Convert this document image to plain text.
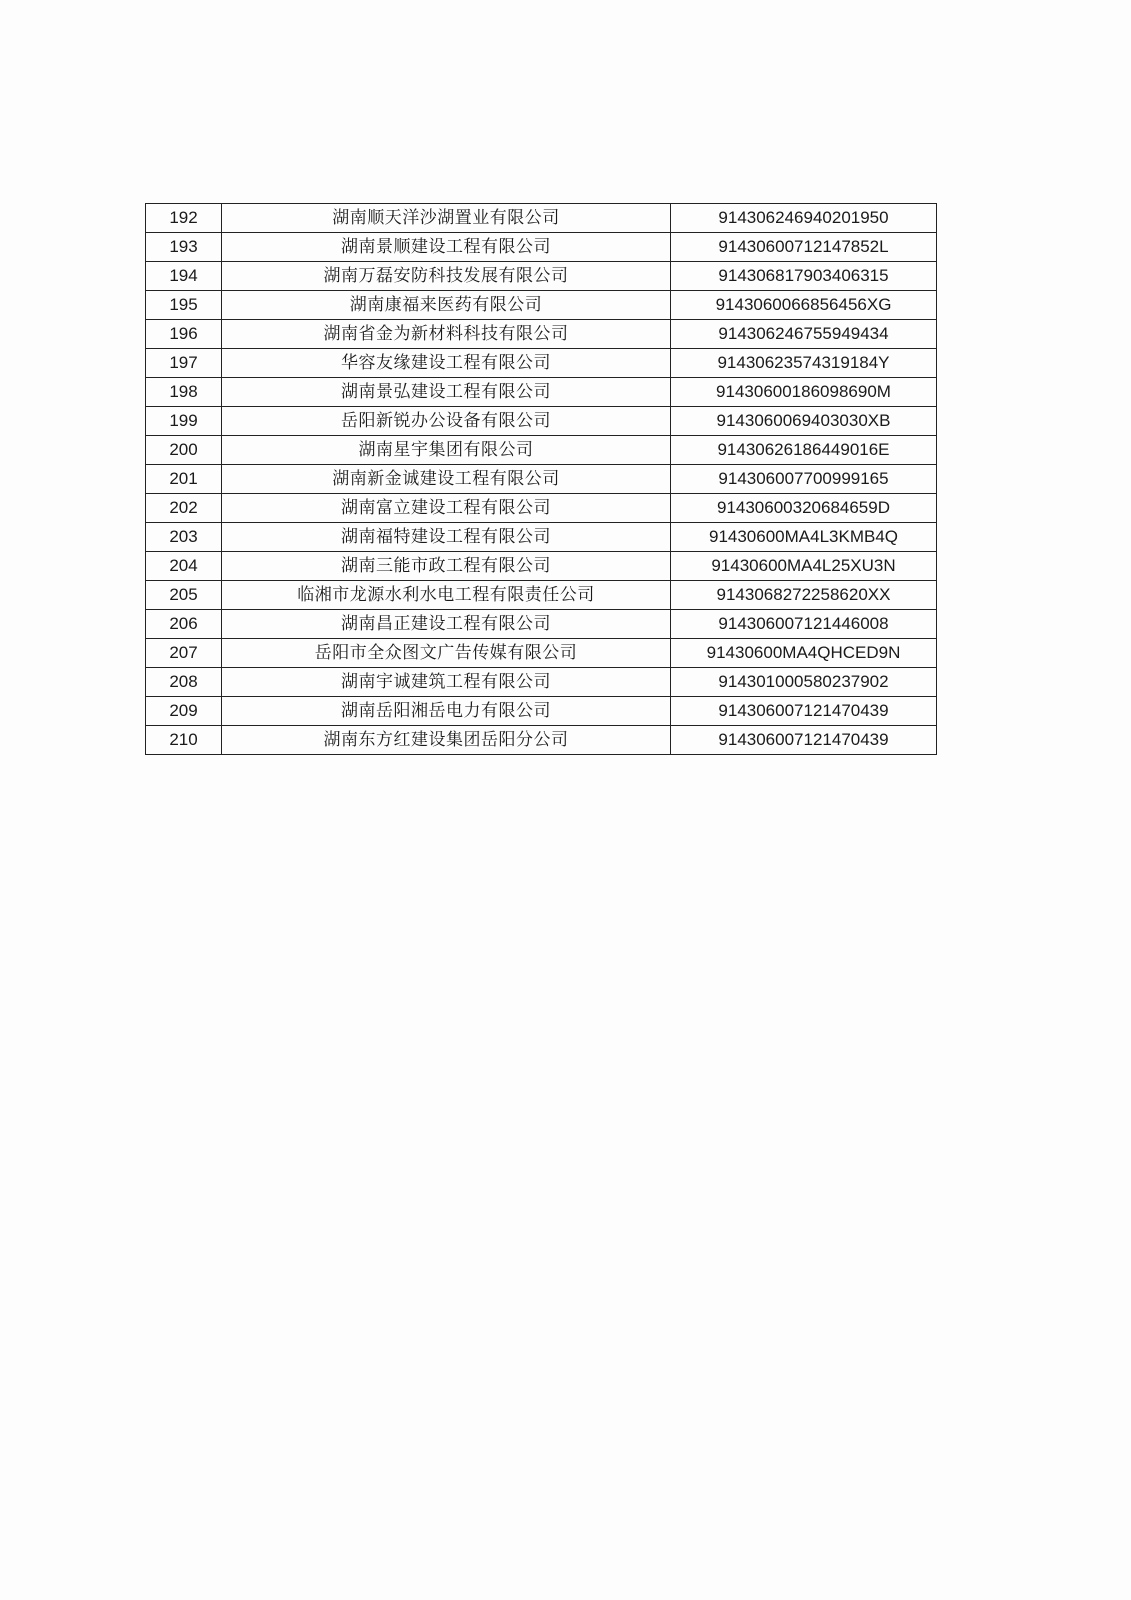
192	湖南顺天洋沙湖置业有限公司	914306246940201950
193	湖南景顺建设工程有限公司	91430600712147852L
194	湖南万磊安防科技发展有限公司	914306817903406315
195	湖南康福来医药有限公司	9143060066856456XG
196	湖南省金为新材料科技有限公司	914306246755949434
197	华容友缘建设工程有限公司	91430623574319184Y
198	湖南景弘建设工程有限公司	91430600186098690M
199	岳阳新锐办公设备有限公司	9143060069403030XB
200	湖南星宇集团有限公司	91430626186449016E
201	湖南新金诚建设工程有限公司	914306007700999165
202	湖南富立建设工程有限公司	91430600320684659D
203	湖南福特建设工程有限公司	91430600MA4L3KMB4Q
204	湖南三能市政工程有限公司	91430600MA4L25XU3N
205	临湘市龙源水利水电工程有限责任公司	9143068272258620XX
206	湖南昌正建设工程有限公司	914306007121446008
207	岳阳市全众图文广告传媒有限公司	91430600MA4QHCED9N
208	湖南宇诚建筑工程有限公司	914301000580237902
209	湖南岳阳湘岳电力有限公司	914306007121470439
210	湖南东方红建设集团岳阳分公司	914306007121470439
